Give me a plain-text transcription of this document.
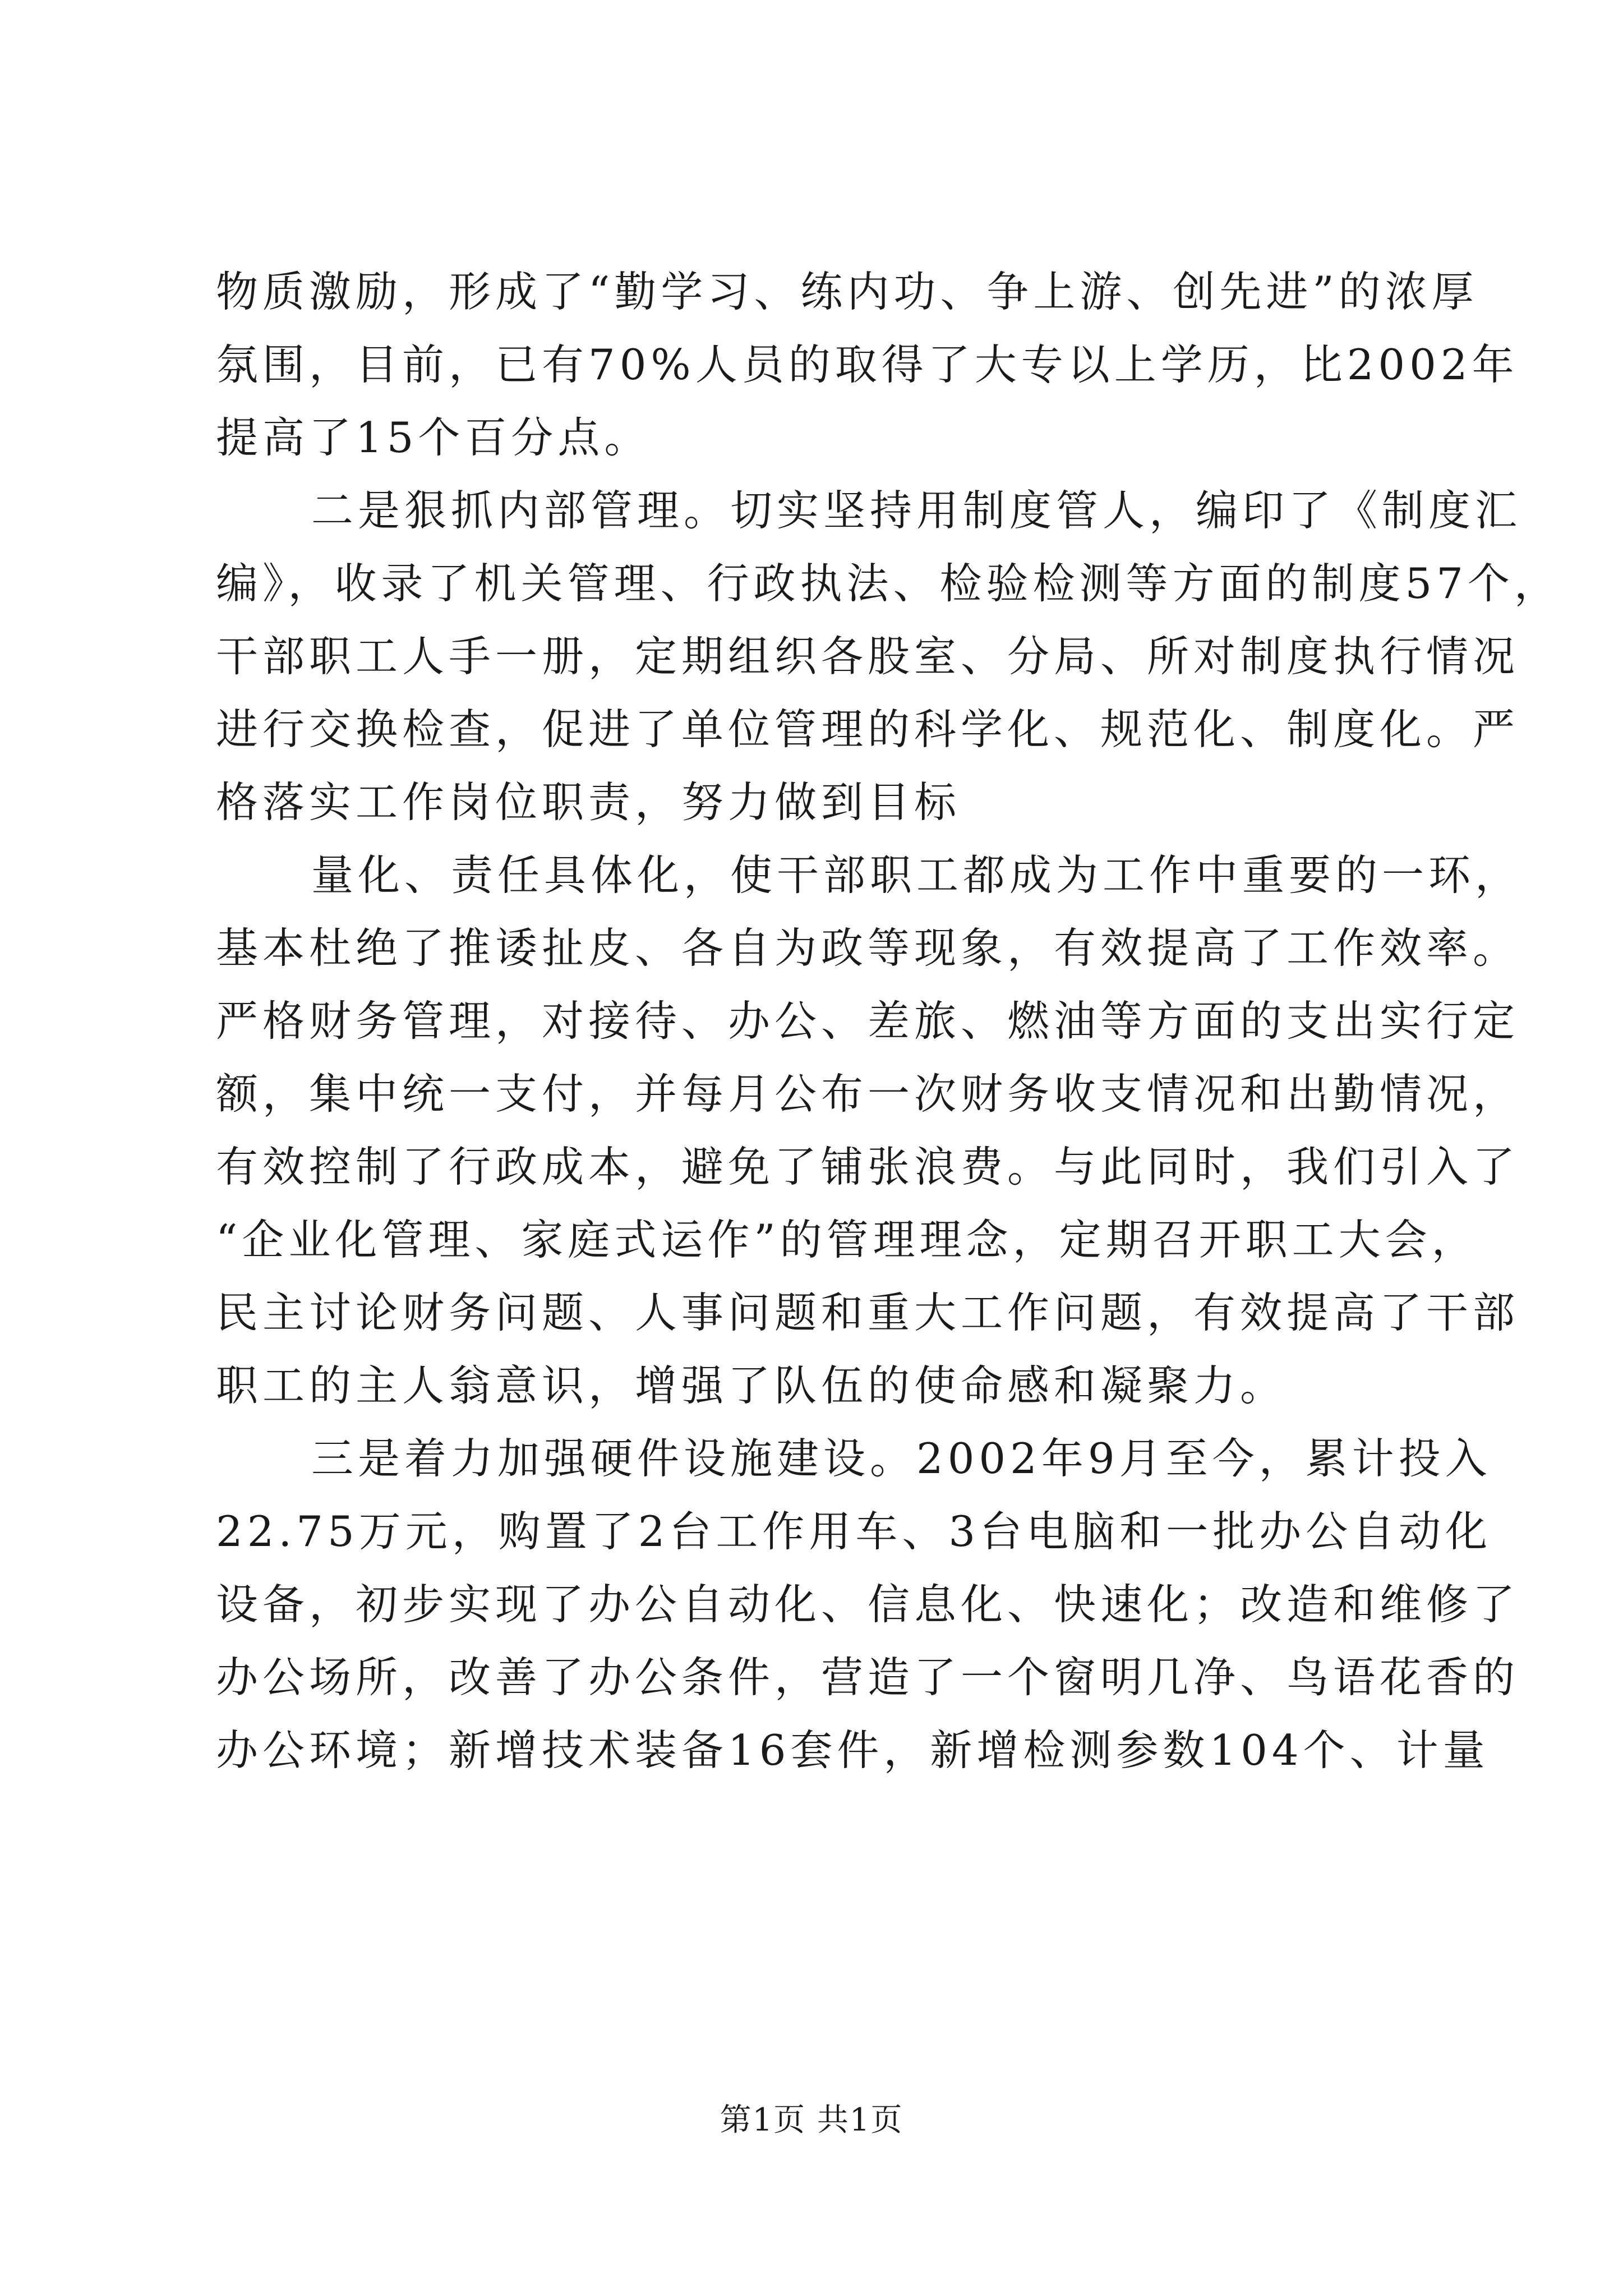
物质激励，形成了“勤学习、练内功、争上游、创先进”的浓厚
氛围，目前，已有70%人员的取得了大专以上学历，比2002年
提高了15个百分点。
二是狠抓内部管理。切实坚持用制度管人，编印了《制度汇
编》，收录了机关管理、行政执法、检验检测等方面的制度57个，
干部职工人手一册，定期组织各股室、分局、所对制度执行情况
进行交换检查，促进了单位管理的科学化、规范化、制度化。严
格落实工作岗位职责，努力做到目标
量化、责任具体化，使干部职工都成为工作中重要的一环，
基本杜绝了推诿扯皮、各自为政等现象，有效提高了工作效率。
严格财务管理，对接待、办公、差旅、燃油等方面的支出实行定
额，集中统一支付，并每月公布一次财务收支情况和出勤情况，
有效控制了行政成本，避免了铺张浪费。与此同时，我们引入了
“企业化管理、家庭式运作”的管理理念，定期召开职工大会，
民主讨论财务问题、人事问题和重大工作问题，有效提高了干部
职工的主人翁意识，增强了队伍的使命感和凝聚力。
三是着力加强硬件设施建设。2002年9月至今，累计投入
22.75万元，购置了2台工作用车、3台电脑和一批办公自动化
设备，初步实现了办公自动化、信息化、快速化；改造和维修了
办公场所，改善了办公条件，营造了一个窗明几净、鸟语花香的
办公环境；新增技术装备16套件，新增检测参数104个、计量
第1页 共1页
